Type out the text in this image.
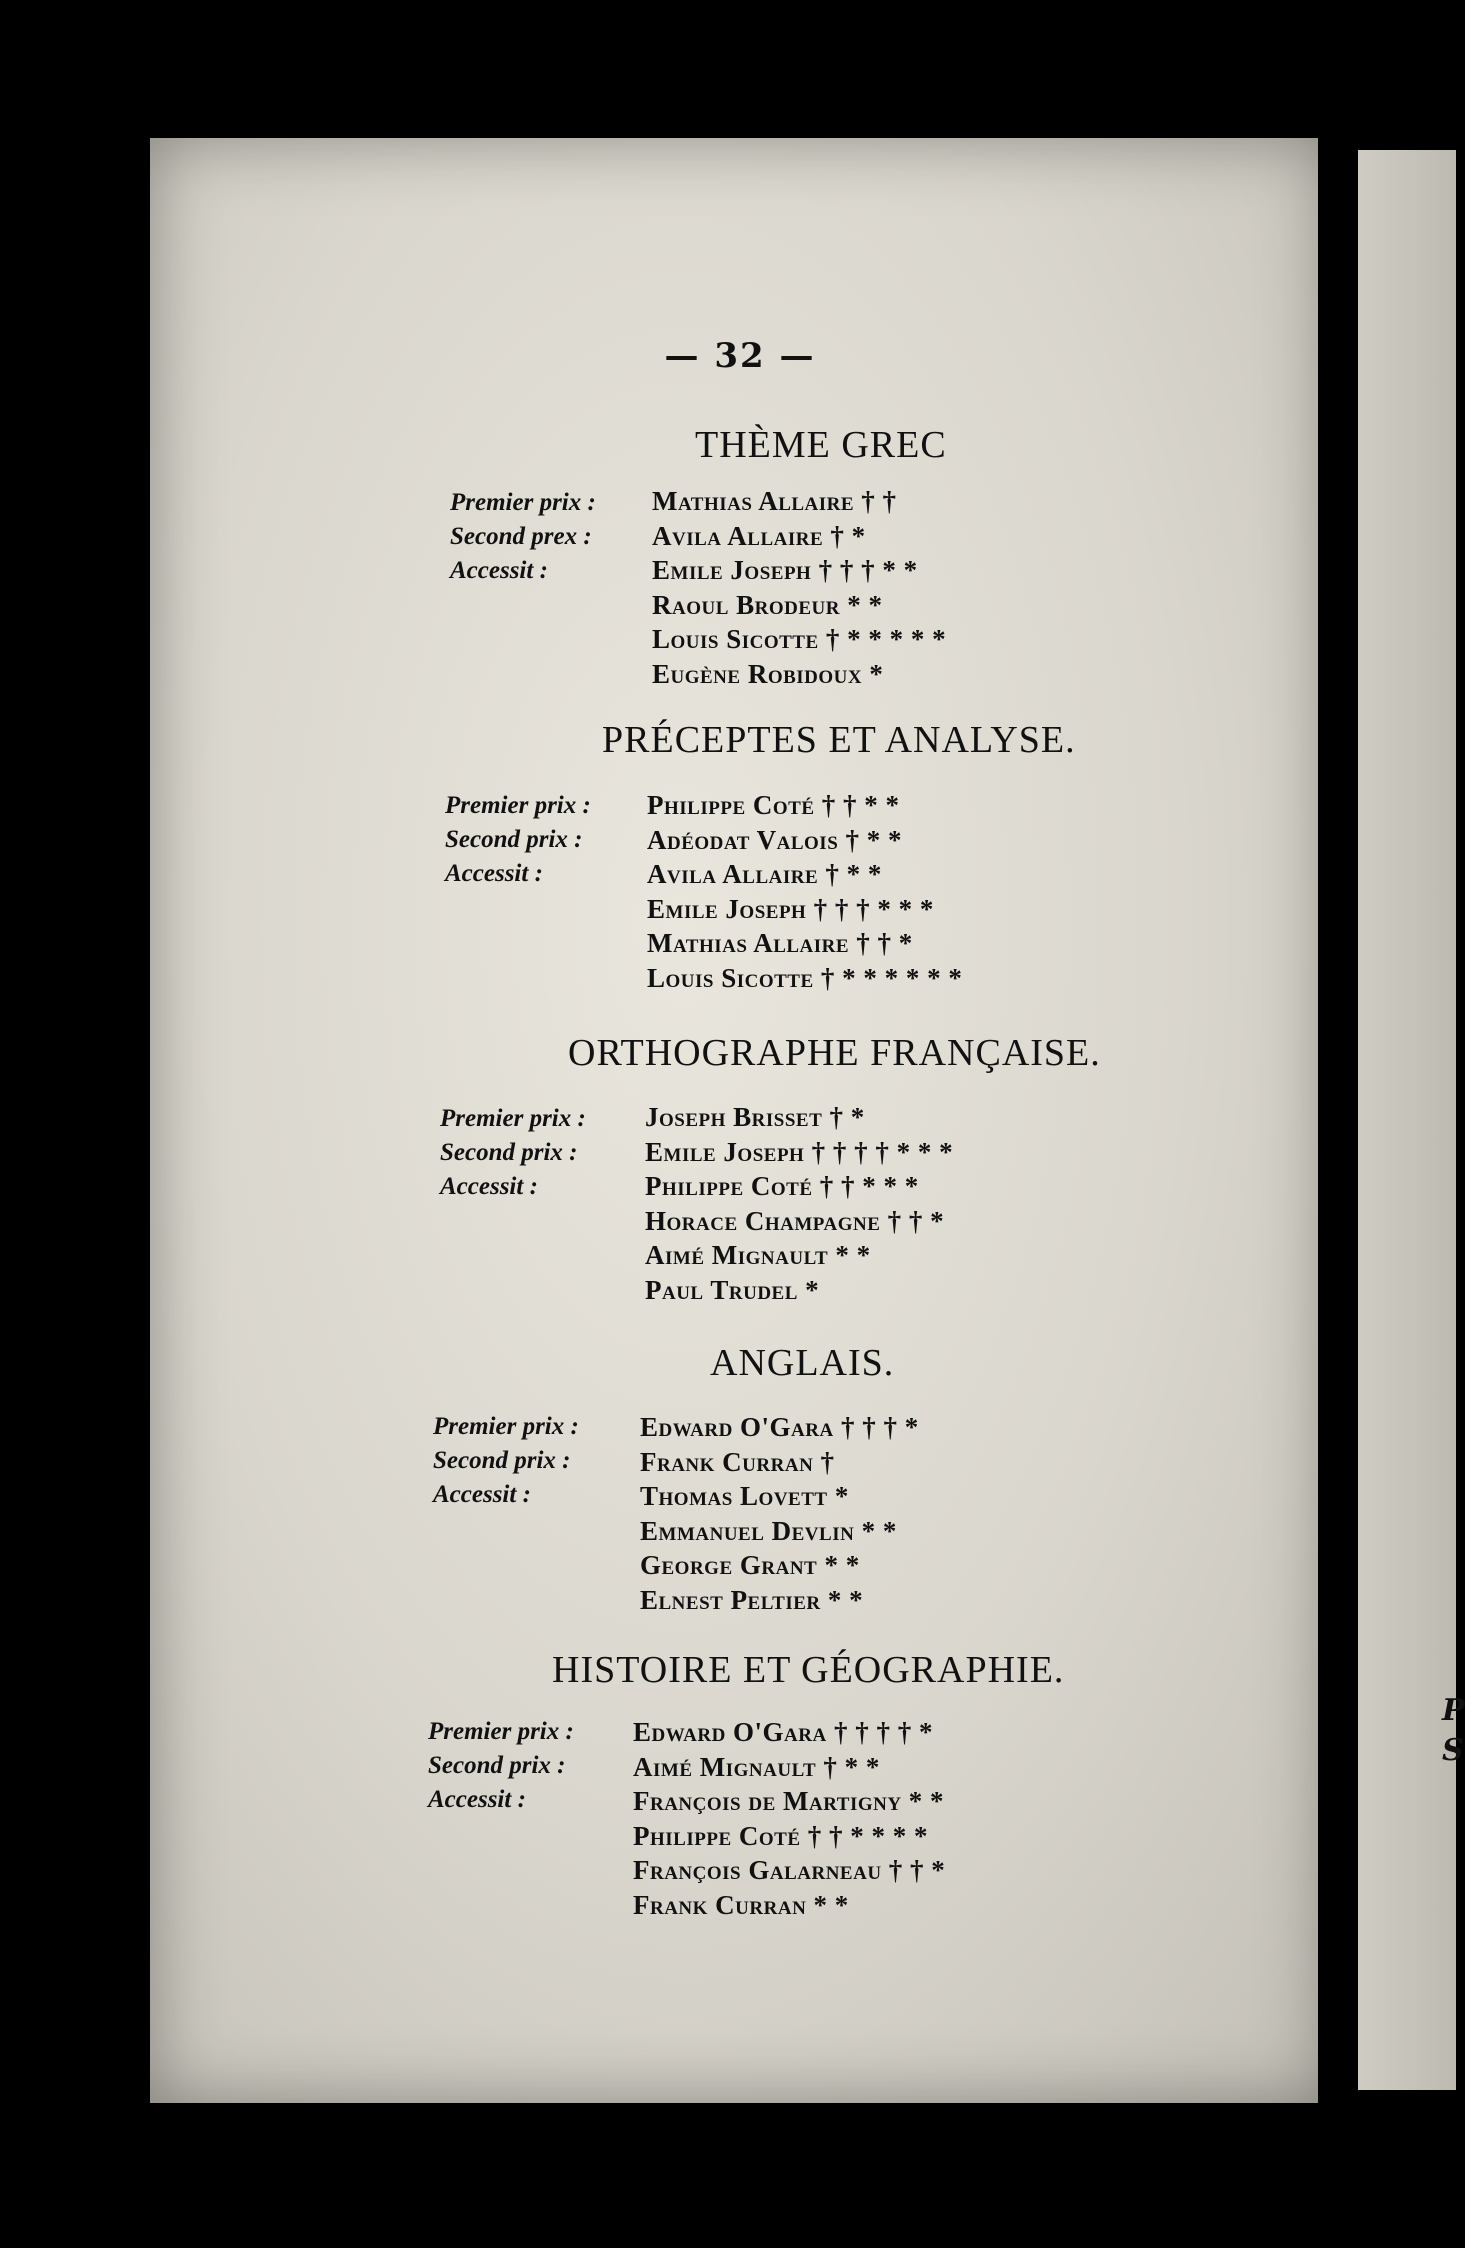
— 32 —
THÈME GREC
Premier prix :
Second prex :
Accessit :
Mathias Allaire † †
Avila Allaire † *
Emile Joseph † † † * *
Raoul Brodeur * *
Louis Sicotte † * * * * *
Eugène Robidoux *
PRÉCEPTES ET ANALYSE.
Premier prix :
Second prix :
Accessit :
Philippe Coté † † * *
Adéodat Valois † * *
Avila Allaire † * *
Emile Joseph † † † * * *
Mathias Allaire † † *
Louis Sicotte † * * * * * *
ORTHOGRAPHE FRANÇAISE.
Premier prix :
Second prix :
Accessit :
Joseph Brisset † *
Emile Joseph † † † † * * *
Philippe Coté † † * * *
Horace Champagne † † *
Aimé Mignault * *
Paul Trudel *
ANGLAIS.
Premier prix :
Second prix :
Accessit :
Edward O'Gara † † † *
Frank Curran †
Thomas Lovett *
Emmanuel Devlin * *
George Grant * *
Elnest Peltier * *
HISTOIRE ET GÉOGRAPHIE.
Premier prix :
Second prix :
Accessit :
Edward O'Gara † † † † *
Aimé Mignault † * *
François de Martigny * *
Philippe Coté † † * * * *
François Galarneau † † *
Frank Curran * *
P
S
